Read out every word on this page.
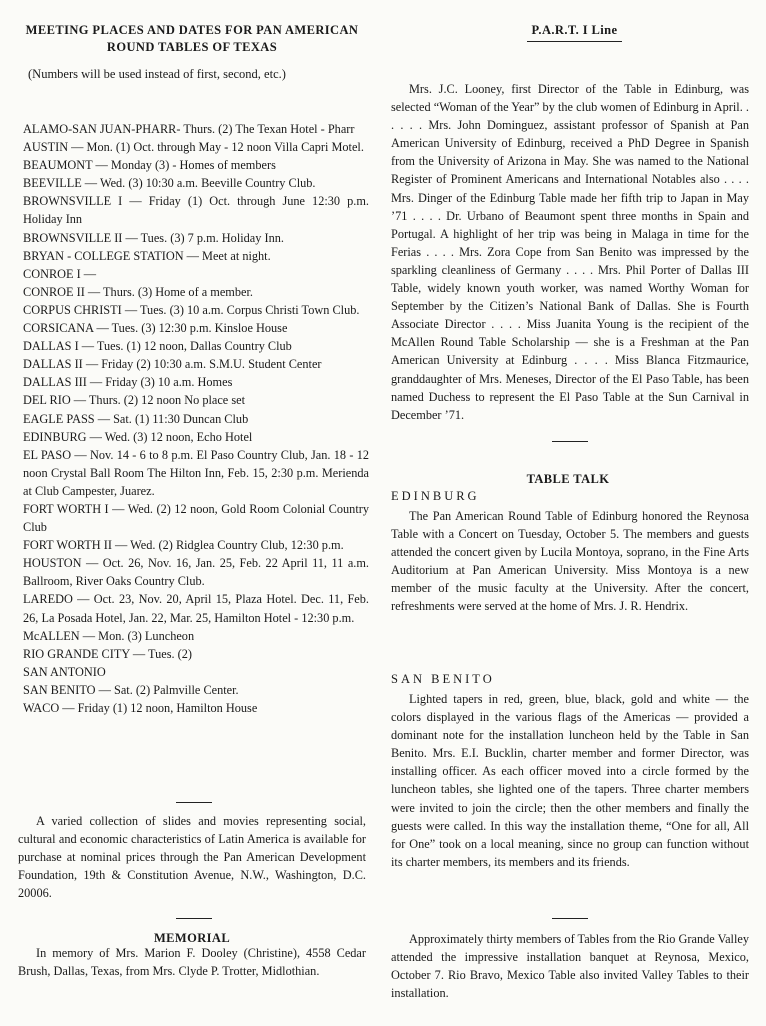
MEETING PLACES AND DATES FOR PAN AMERICAN
ROUND TABLES OF TEXAS
(Numbers will be used instead of first, second, etc.)

ALAMO-SAN JUAN-PHARR- Thurs. (2) The Texan Hotel - Pharr

AUSTIN — Mon. (1) Oct. through May - 12 noon Villa Capri Motel.

BEAUMONT — Monday (3) - Homes of members

BEEVILLE — Wed. (3) 10:30 a.m. Beeville Country Club.

BROWNSVILLE I — Friday (1) Oct. through June 12:30 p.m. Holiday Inn

BROWNSVILLE II — Tues. (3) 7 p.m. Holiday Inn.

BRYAN - COLLEGE STATION — Meet at night.

CONROE I —

CONROE II — Thurs. (3) Home of a member.

CORPUS CHRISTI — Tues. (3) 10 a.m. Corpus Christi Town Club.

CORSICANA — Tues. (3) 12:30 p.m. Kinsloe House

DALLAS I — Tues. (1) 12 noon, Dallas Country Club

DALLAS II — Friday (2) 10:30 a.m. S.M.U. Student Center

DALLAS III — Friday (3) 10 a.m. Homes

DEL RIO — Thurs. (2) 12 noon No place set

EAGLE PASS — Sat. (1) 11:30 Duncan Club

EDINBURG — Wed. (3) 12 noon, Echo Hotel

EL PASO — Nov. 14 - 6 to 8 p.m. El Paso Country Club, Jan. 18 - 12 noon Crystal Ball Room The Hilton Inn, Feb. 15, 2:30 p.m. Merienda at Club Campester, Juarez.

FORT WORTH I — Wed. (2) 12 noon, Gold Room Colonial Country Club

FORT WORTH II — Wed. (2) Ridglea Country Club, 12:30 p.m.

HOUSTON — Oct. 26, Nov. 16, Jan. 25, Feb. 22 April 11, 11 a.m. Ballroom, River Oaks Country Club.

LAREDO — Oct. 23, Nov. 20, April 15, Plaza Hotel. Dec. 11, Feb. 26, La Posada Hotel, Jan. 22, Mar. 25, Hamilton Hotel - 12:30 p.m.

McALLEN — Mon. (3) Luncheon

RIO GRANDE CITY — Tues. (2)

SAN ANTONIO

SAN BENITO — Sat. (2) Palmville Center.

WACO — Friday (1) 12 noon, Hamilton House

A varied collection of slides and movies representing social, cultural and economic characteristics of Latin America is available for purchase at nominal prices through the Pan American Development Foundation, 19th & Constitution Avenue, N.W., Washington, D.C. 20006.

MEMORIAL

In memory of Mrs. Marion F. Dooley (Christine), 4558 Cedar Brush, Dallas, Texas, from Mrs. Clyde P. Trotter, Midlothian.

P.A.R.T. I Line

Mrs. J.C. Looney, first Director of the Table in Edinburg, was selected “Woman of the Year” by the club women of Edinburg in April. . . . . . Mrs. John Dominguez, assistant professor of Spanish at Pan American University of Edinburg, received a PhD Degree in Spanish from the University of Arizona in May. She was named to the National Register of Prominent Americans and International Notables also . . . . Mrs. Dinger of the Edinburg Table made her fifth trip to Japan in May ’71 . . . . Dr. Urbano of Beaumont spent three months in Spain and Portugal. A highlight of her trip was being in Malaga in time for the Ferias . . . . Mrs. Zora Cope from San Benito was impressed by the sparkling cleanliness of Germany . . . . Mrs. Phil Porter of Dallas III Table, widely known youth worker, was named Worthy Woman for September by the Citizen’s National Bank of Dallas. She is Fourth Associate Director . . . . Miss Juanita Young is the recipient of the McAllen Round Table Scholarship — she is a Freshman at the Pan American University at Edinburg . . . . Miss Blanca Fitzmaurice, granddaughter of Mrs. Meneses, Director of the El Paso Table, has been named Duchess to represent the El Paso Table at the Sun Carnival in December ’71.

TABLE TALK
EDINBURG

The Pan American Round Table of Edinburg honored the Reynosa Table with a Concert on Tuesday, October 5. The members and guests attended the concert given by Lucila Montoya, soprano, in the Fine Arts Auditorium at Pan American University. Miss Montoya is a new member of the music faculty at the University. After the concert, refreshments were served at the home of Mrs. J. R. Hendrix.

SAN BENITO

Lighted tapers in red, green, blue, black, gold and white — the colors displayed in the various flags of the Americas — provided a dominant note for the installation luncheon held by the Table in San Benito. Mrs. E.I. Bucklin, charter member and former Director, was installing officer. As each officer moved into a circle formed by the luncheon tables, she lighted one of the tapers. Three charter members were invited to join the circle; then the other members and finally the guests were called. In this way the installation theme, “One for all, All for One” took on a local meaning, since no group can function without its charter members, its members and its friends.

Approximately thirty members of Tables from the Rio Grande Valley attended the impressive installation banquet at Reynosa, Mexico, October 7. Rio Bravo, Mexico Table also invited Valley Tables to their installation.
